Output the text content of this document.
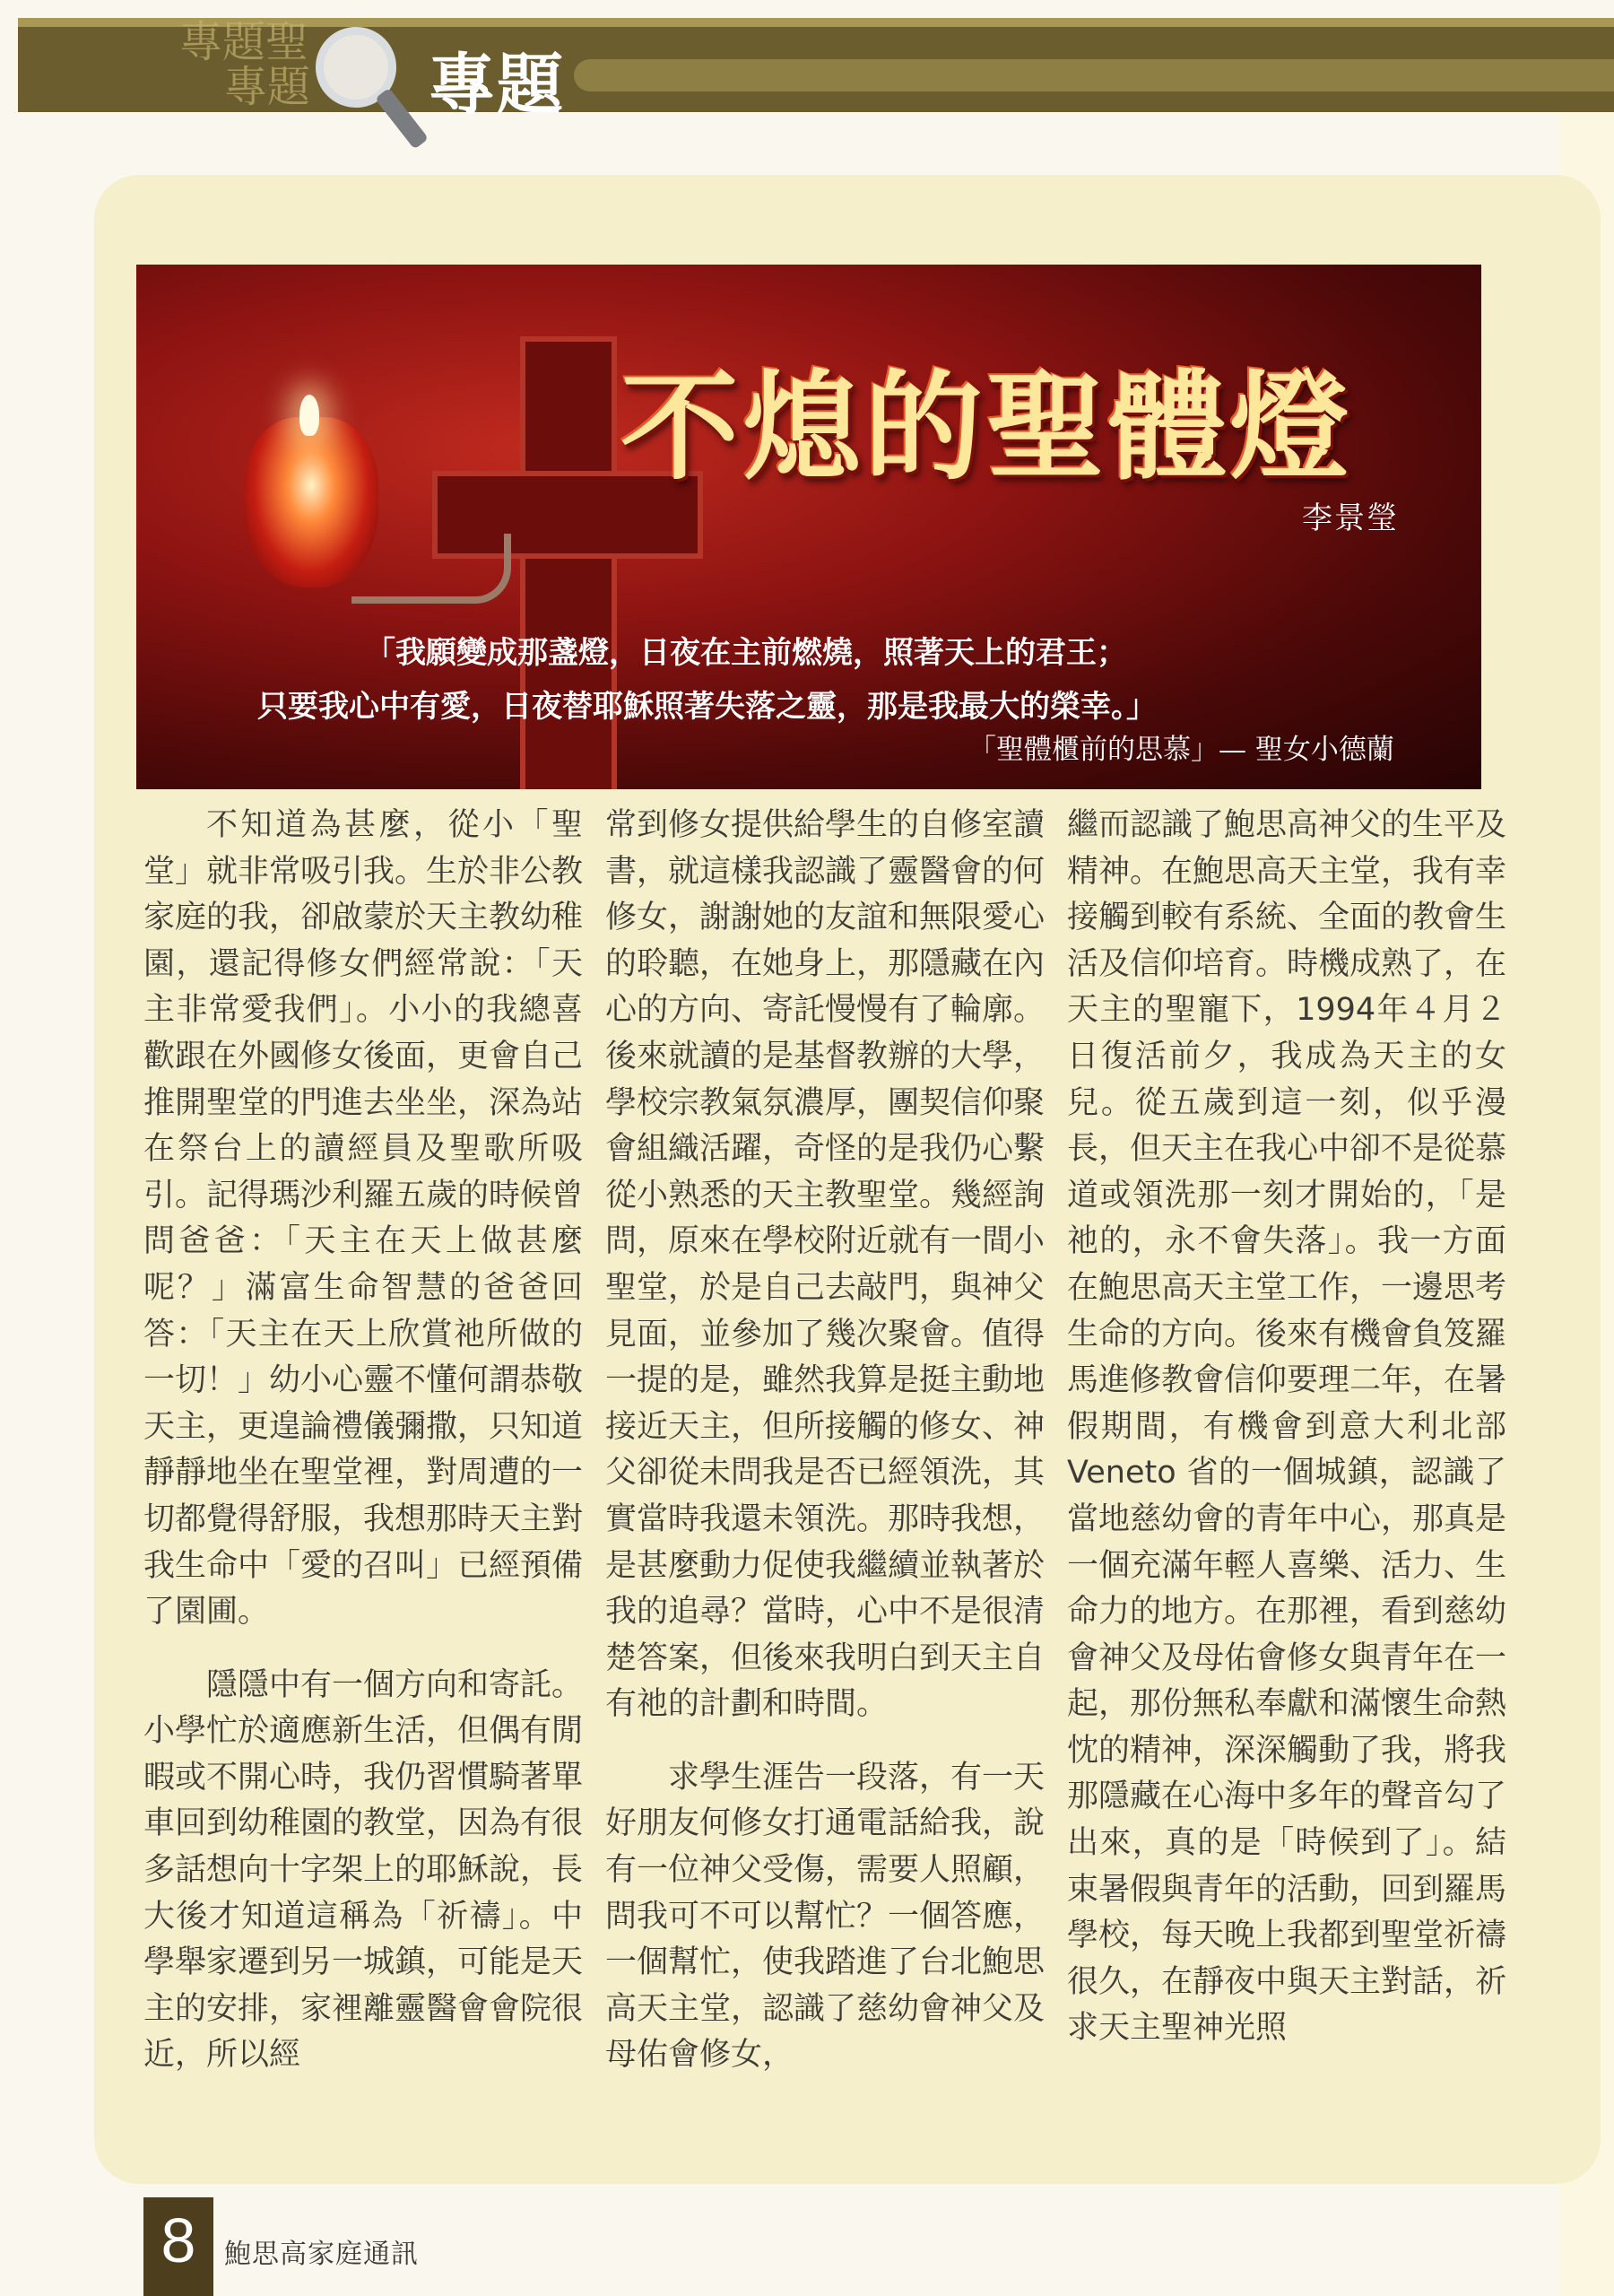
專題聖
專題	專題
不熄的聖體燈
李景瑩
「我願變成那盞燈，日夜在主前燃燒，照著天上的君王；
只要我心中有愛，日夜替耶穌照著失落之靈，那是我最大的榮幸。」
「聖體櫃前的思慕」— 聖女小德蘭

不知道為甚麼，從小「聖堂」就非常吸引我。生於非公教家庭的我，卻啟蒙於天主教幼稚園，還記得修女們經常說：「天主非常愛我們」。小小的我總喜歡跟在外國修女後面，更會自己推開聖堂的門進去坐坐，深為站在祭台上的讀經員及聖歌所吸引。記得瑪沙利羅五歲的時候曾問爸爸：「天主在天上做甚麼呢？」滿富生命智慧的爸爸回答：「天主在天上欣賞祂所做的一切！」幼小心靈不懂何謂恭敬天主，更遑論禮儀彌撒，只知道靜靜地坐在聖堂裡，對周遭的一切都覺得舒服，我想那時天主對我生命中「愛的召叫」已經預備了園圃。

隱隱中有一個方向和寄託。小學忙於適應新生活，但偶有閒暇或不開心時，我仍習慣騎著單車回到幼稚園的教堂，因為有很多話想向十字架上的耶穌說，長大後才知道這稱為「祈禱」。中學舉家遷到另一城鎮，可能是天主的安排，家裡離靈醫會會院很近，所以經

常到修女提供給學生的自修室讀書，就這樣我認識了靈醫會的何修女，謝謝她的友誼和無限愛心的聆聽，在她身上，那隱藏在內心的方向、寄託慢慢有了輪廓。後來就讀的是基督教辦的大學，學校宗教氣氛濃厚，團契信仰聚會組織活躍，奇怪的是我仍心繫從小熟悉的天主教聖堂。幾經詢問，原來在學校附近就有一間小聖堂，於是自己去敲門，與神父見面，並參加了幾次聚會。值得一提的是，雖然我算是挺主動地接近天主，但所接觸的修女、神父卻從未問我是否已經領洗，其實當時我還未領洗。那時我想，是甚麼動力促使我繼續並執著於我的追尋？當時，心中不是很清楚答案，但後來我明白到天主自有祂的計劃和時間。

求學生涯告一段落，有一天好朋友何修女打通電話給我，說有一位神父受傷，需要人照顧，問我可不可以幫忙？一個答應，一個幫忙，使我踏進了台北鮑思高天主堂，認識了慈幼會神父及母佑會修女，

繼而認識了鮑思高神父的生平及精神。在鮑思高天主堂，我有幸接觸到較有系統、全面的教會生活及信仰培育。時機成熟了，在天主的聖寵下，1994年４月２日復活前夕，我成為天主的女兒。從五歲到這一刻，似乎漫長，但天主在我心中卻不是從慕道或領洗那一刻才開始的，「是祂的，永不會失落」。我一方面在鮑思高天主堂工作，一邊思考生命的方向。後來有機會負笈羅馬進修教會信仰要理二年，在暑假期間，有機會到意大利北部 Veneto 省的一個城鎮，認識了當地慈幼會的青年中心，那真是一個充滿年輕人喜樂、活力、生命力的地方。在那裡，看到慈幼會神父及母佑會修女與青年在一起，那份無私奉獻和滿懷生命熱忱的精神，深深觸動了我，將我那隱藏在心海中多年的聲音勾了出來，真的是「時候到了」。結束暑假與青年的活動，回到羅馬學校，每天晚上我都到聖堂祈禱很久，在靜夜中與天主對話，祈求天主聖神光照

8	鮑思高家庭通訊
